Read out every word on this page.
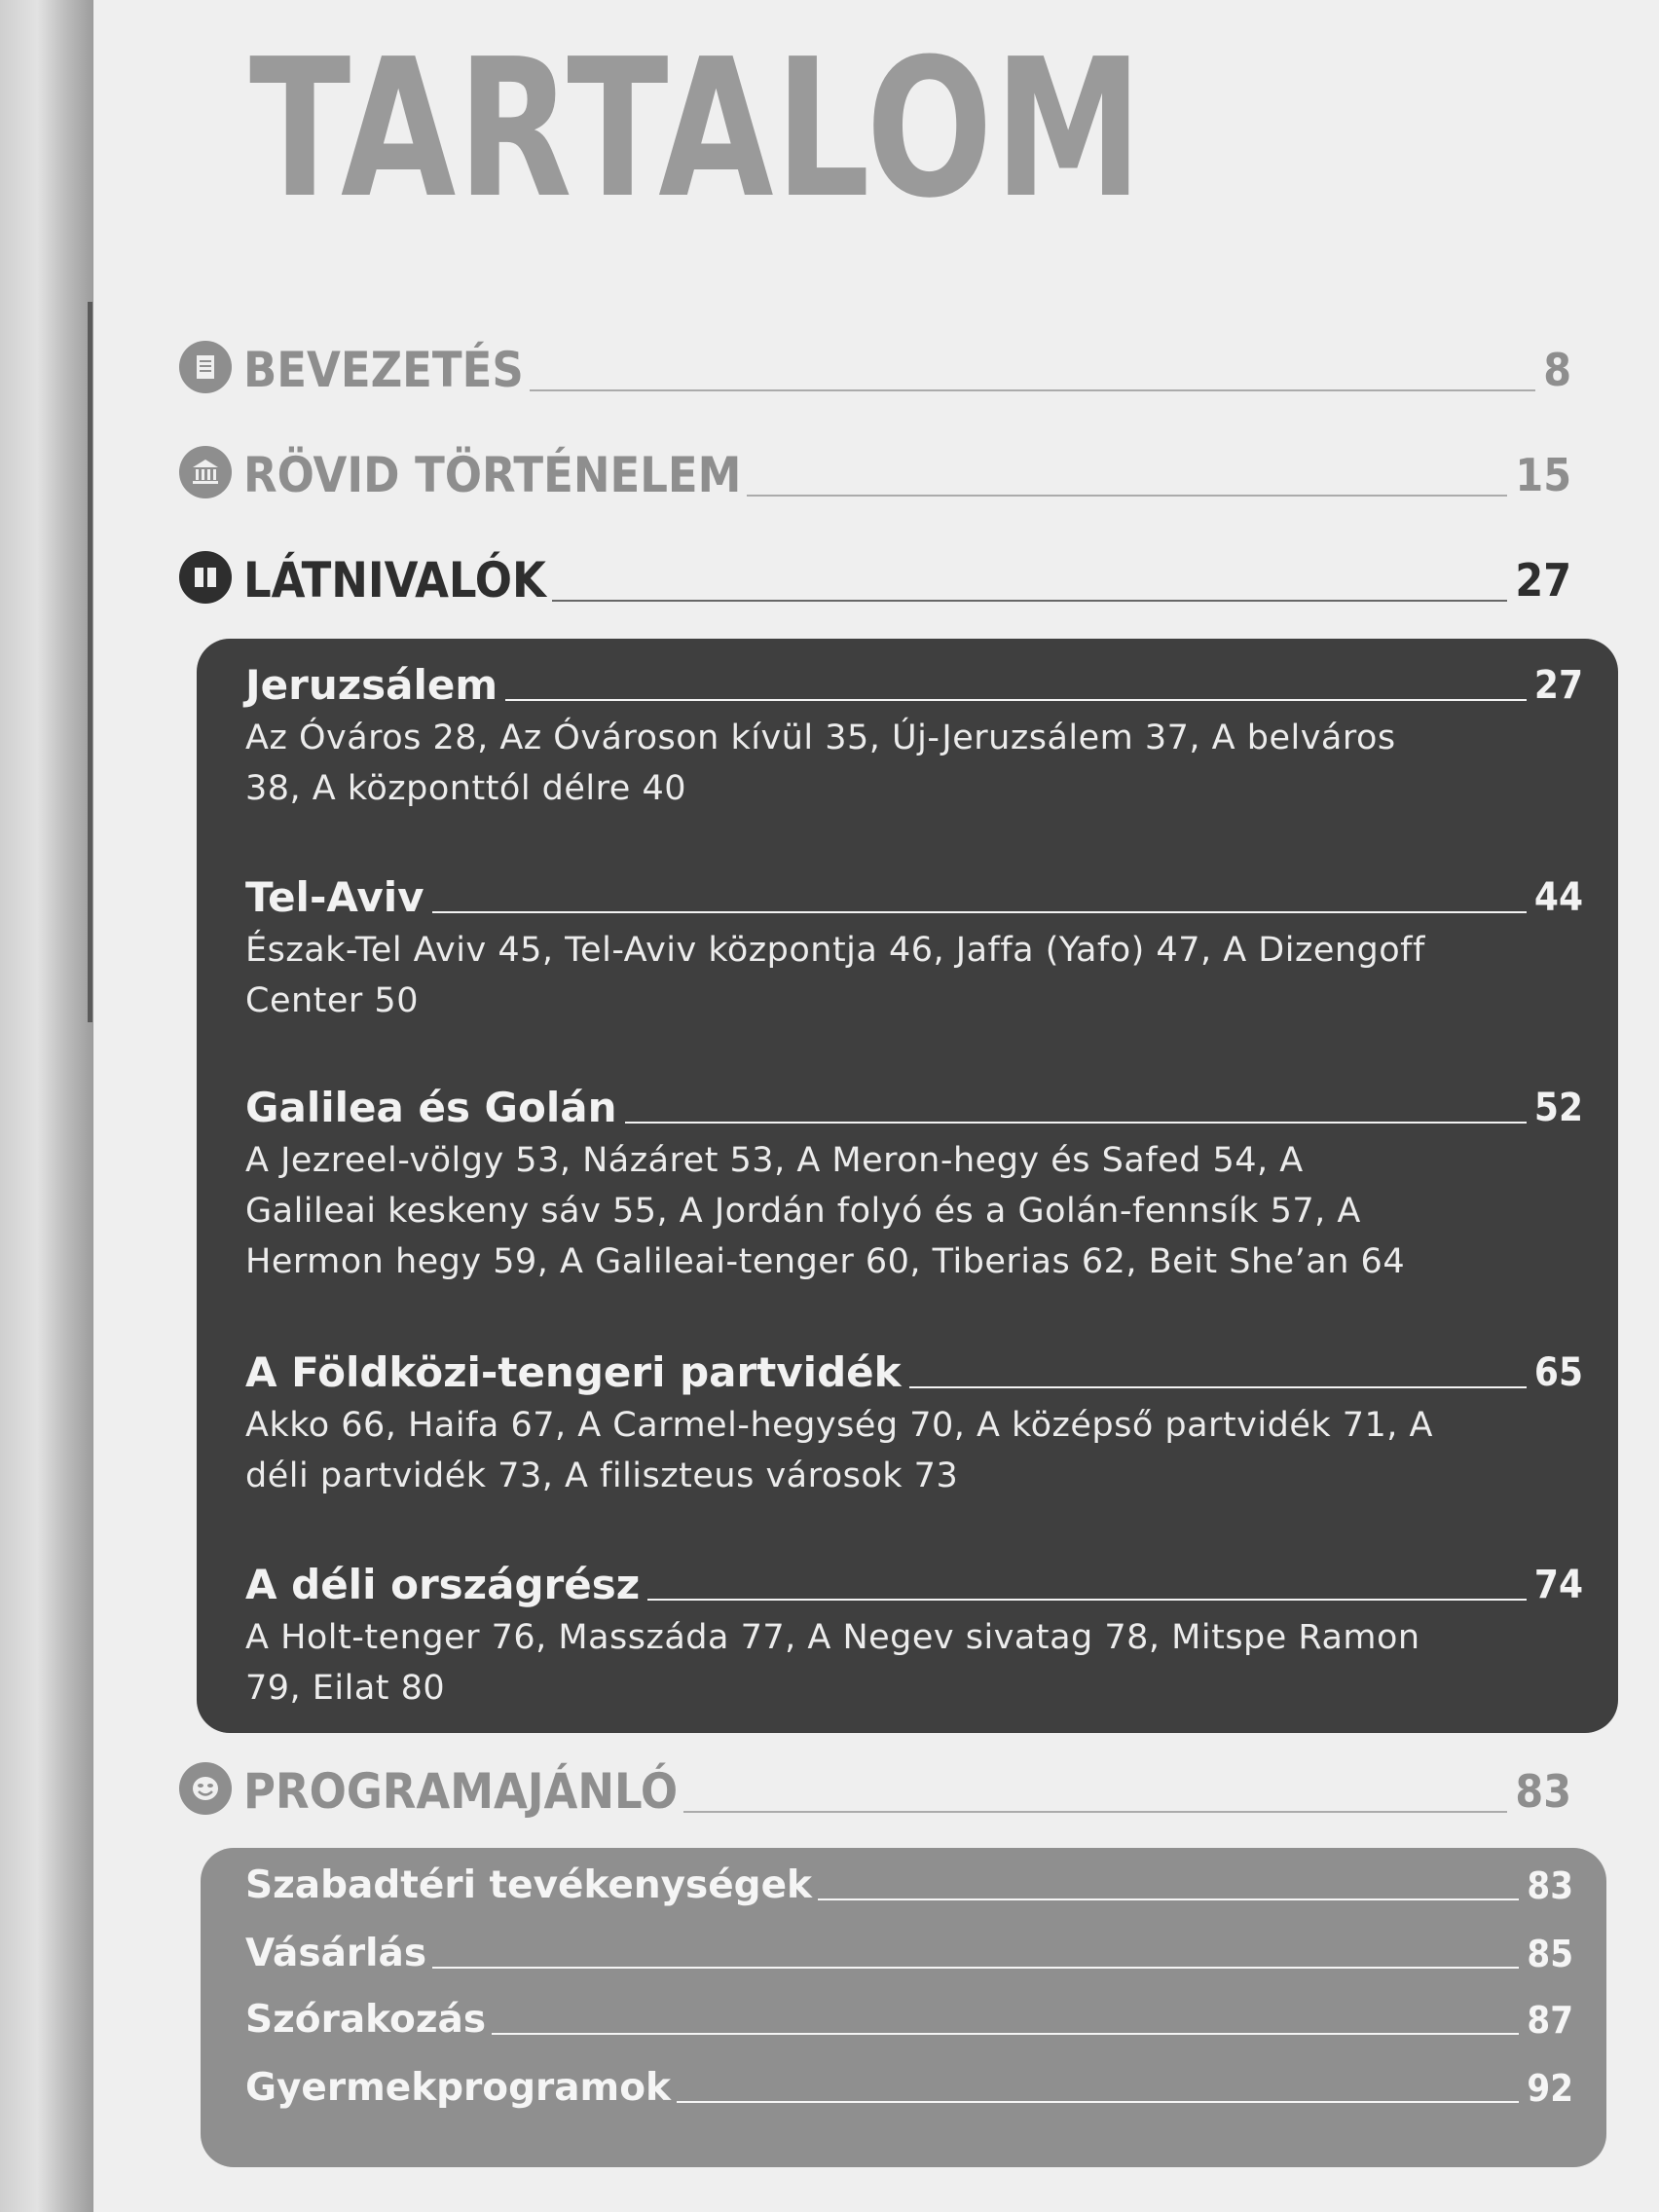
TARTALOM
BEVEZETÉS	8
RÖVID TÖRTÉNELEM	15
LÁTNIVALÓK	27
Jeruzsálem	27

Az Óváros 28, Az Óvároson kívül 35, Új-Jeruzsálem 37, A belváros 38, A központtól délre 40

Tel-Aviv	44

Észak-Tel Aviv 45, Tel-Aviv központja 46, Jaffa (Yafo) 47, A Dizengoff Center 50

Galilea és Golán	52

A Jezreel-völgy 53, Názáret 53, A Meron-hegy és Safed 54, A Galileai keskeny sáv 55, A Jordán folyó és a Golán-fennsík 57, A Hermon hegy 59, A Galileai-tenger 60, Tiberias 62, Beit She’an 64

A Földközi-tengeri partvidék	65

Akko 66, Haifa 67, A Carmel-hegység 70, A középső partvidék 71, A déli partvidék 73, A filiszteus városok 73

A déli országrész	74

A Holt-tenger 76, Masszáda 77, A Negev sivatag 78, Mitspe Ramon 79, Eilat 80

PROGRAMAJÁNLÓ	83
Szabadtéri tevékenységek	83
Vásárlás	85
Szórakozás	87
Gyermekprogramok	92
